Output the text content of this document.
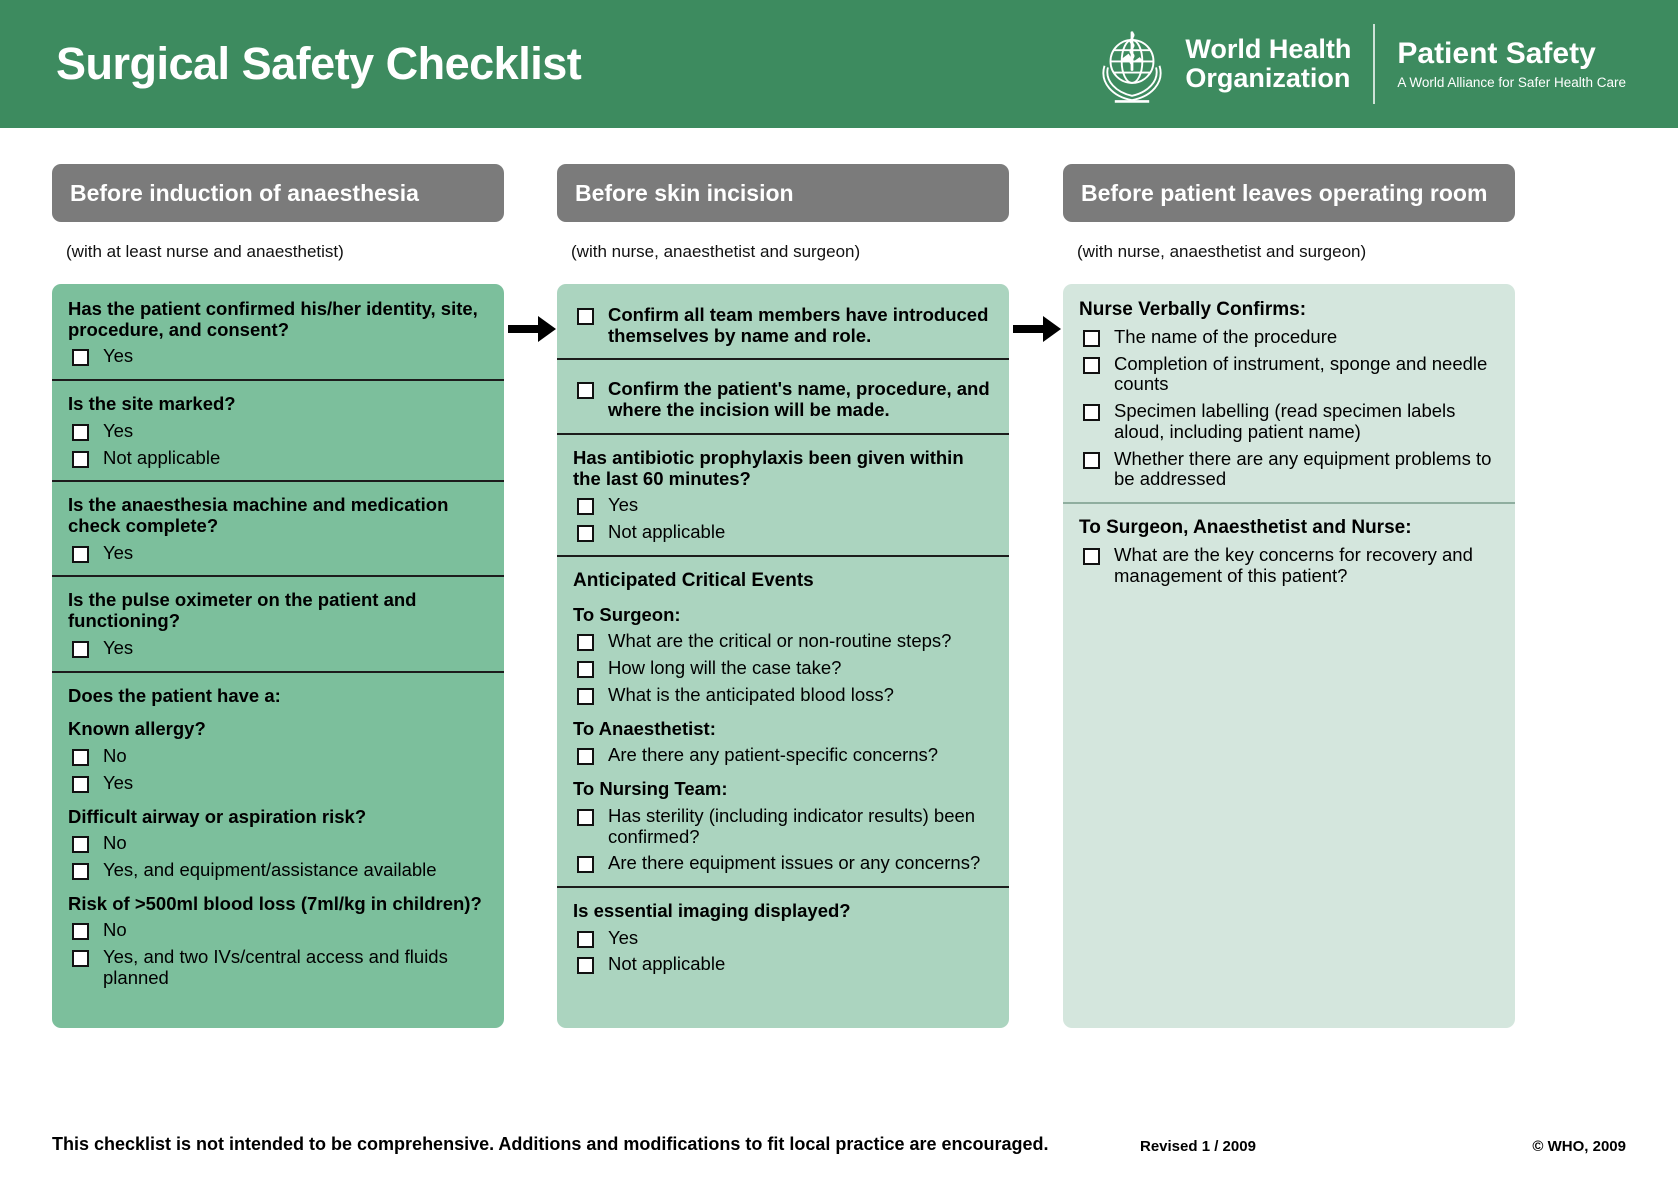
Surgical Safety Checklist	World Health
Organization
Patient Safety
A World Alliance for Safer Health Care
Before induction of anaesthesia
(with at least nurse and anaesthetist)
Has the patient confirmed his/her identity, site, procedure, and consent?
Yes
Is the site marked?
Yes
Not applicable
Is the anaesthesia machine and medication check complete?
Yes
Is the pulse oximeter on the patient and functioning?
Yes
Does the patient have a:
Known allergy?
No
Yes
Difficult airway or aspiration risk?
No
Yes, and equipment/assistance available
Risk of >500ml blood loss (7ml/kg in children)?
No
Yes, and two IVs/central access and fluids planned
Before skin incision
(with nurse, anaesthetist and surgeon)
Confirm all team members have introduced themselves by name and role.
Confirm the patient's name, procedure, and where the incision will be made.
Has antibiotic prophylaxis been given within the last 60 minutes?
Yes
Not applicable
Anticipated Critical Events
To Surgeon:
What are the critical or non-routine steps?
How long will the case take?
What is the anticipated blood loss?
To Anaesthetist:
Are there any patient-specific concerns?
To Nursing Team:
Has sterility (including indicator results) been confirmed?
Are there equipment issues or any concerns?
Is essential imaging displayed?
Yes
Not applicable
Before patient leaves operating room
(with nurse, anaesthetist and surgeon)
Nurse Verbally Confirms:
The name of the procedure
Completion of instrument, sponge and needle counts
Specimen labelling (read specimen labels aloud, including patient name)
Whether there are any equipment problems to be addressed
To Surgeon, Anaesthetist and Nurse:
What are the key concerns for recovery and management of this patient?
This checklist is not intended to be comprehensive. Additions and modifications to fit local practice are encouraged.	Revised 1 / 2009	© WHO, 2009
